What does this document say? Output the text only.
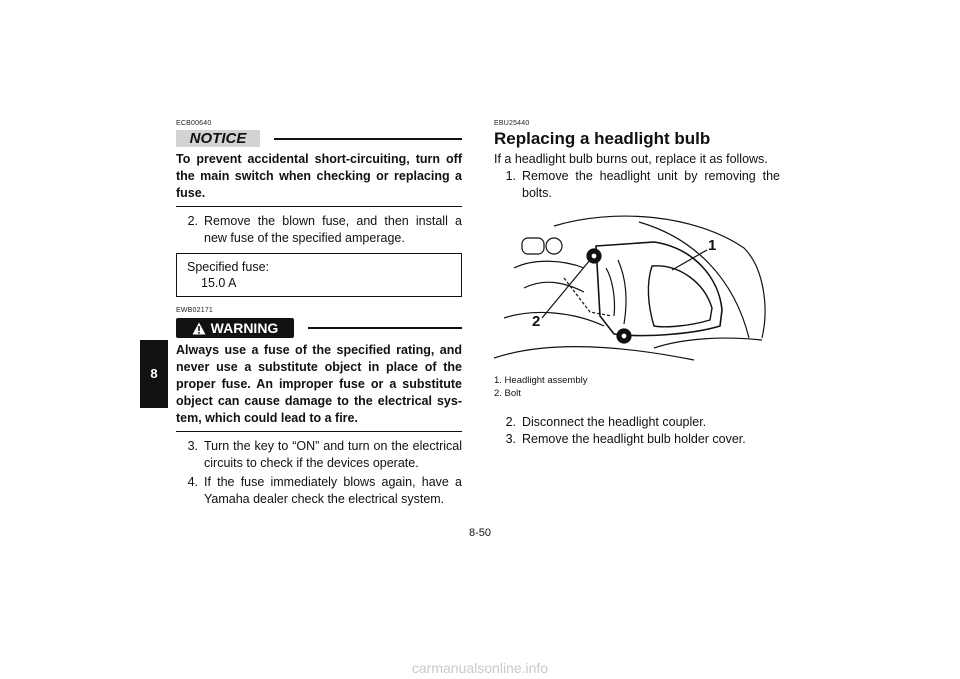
8
ECB00640
NOTICE
To prevent accidental short-circuiting, turn off the main switch when checking or replacing a fuse.
2. Remove the blown fuse, and then install a new fuse of the specified amperage.
Specified fuse:
15.0 A
EWB02171
WARNING
Always use a fuse of the specified rating, and never use a substitute object in place of the proper fuse. An improper fuse or a substitute object can cause damage to the electrical sys-tem, which could lead to a fire.
3. Turn the key to “ON” and turn on the electrical circuits to check if the devices operate.
4. If the fuse immediately blows again, have a Yamaha dealer check the electrical system.
EBU25440
Replacing a headlight bulb
If a headlight bulb burns out, replace it as follows.
1. Remove the headlight unit by removing the bolts.
1
2
1. Headlight assembly
2. Bolt
2. Disconnect the headlight coupler.
3. Remove the headlight bulb holder cover.
8-50
carmanualsonline.info
